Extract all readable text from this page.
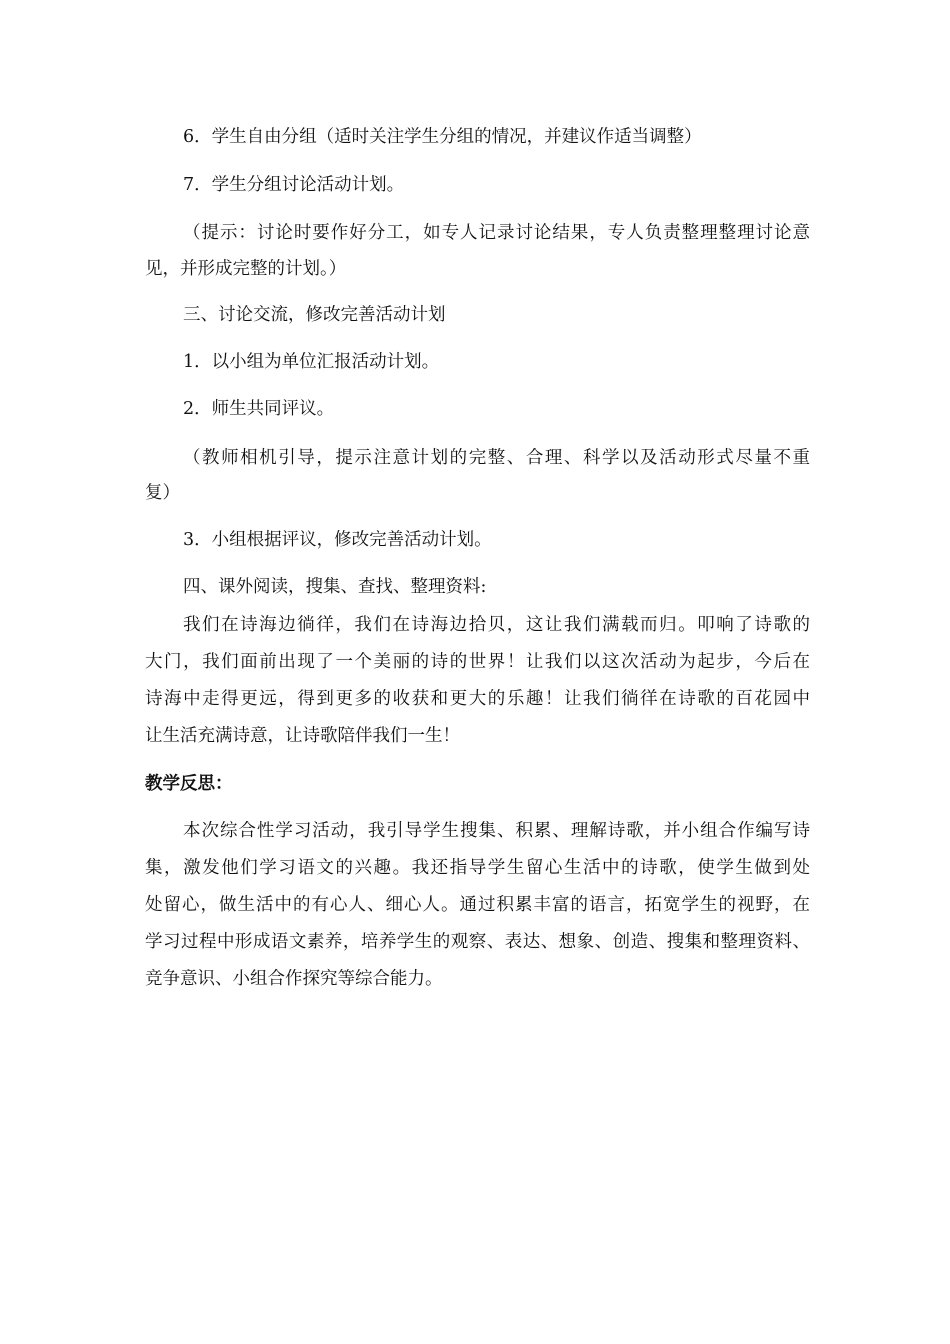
6．学生自由分组（适时关注学生分组的情况，并建议作适当调整）
7．学生分组讨论活动计划。
（提示：讨论时要作好分工，如专人记录讨论结果，专人负责整理整理讨论意
见，并形成完整的计划。）
三、讨论交流，修改完善活动计划
1．以小组为单位汇报活动计划。
2．师生共同评议。
（教师相机引导，提示注意计划的完整、合理、科学以及活动形式尽量不重
复）
3．小组根据评议，修改完善活动计划。
四、课外阅读，搜集、查找、整理资料:
我们在诗海边徜徉，我们在诗海边拾贝，这让我们满载而归。叩响了诗歌的
大门，我们面前出现了一个美丽的诗的世界！让我们以这次活动为起步，今后在
诗海中走得更远，得到更多的收获和更大的乐趣！让我们徜徉在诗歌的百花园中
让生活充满诗意，让诗歌陪伴我们一生！
教学反思：
本次综合性学习活动，我引导学生搜集、积累、理解诗歌，并小组合作编写诗
集，激发他们学习语文的兴趣。我还指导学生留心生活中的诗歌，使学生做到处
处留心，做生活中的有心人、细心人。通过积累丰富的语言，拓宽学生的视野，在
学习过程中形成语文素养，培养学生的观察、表达、想象、创造、搜集和整理资料、
竞争意识、小组合作探究等综合能力。
